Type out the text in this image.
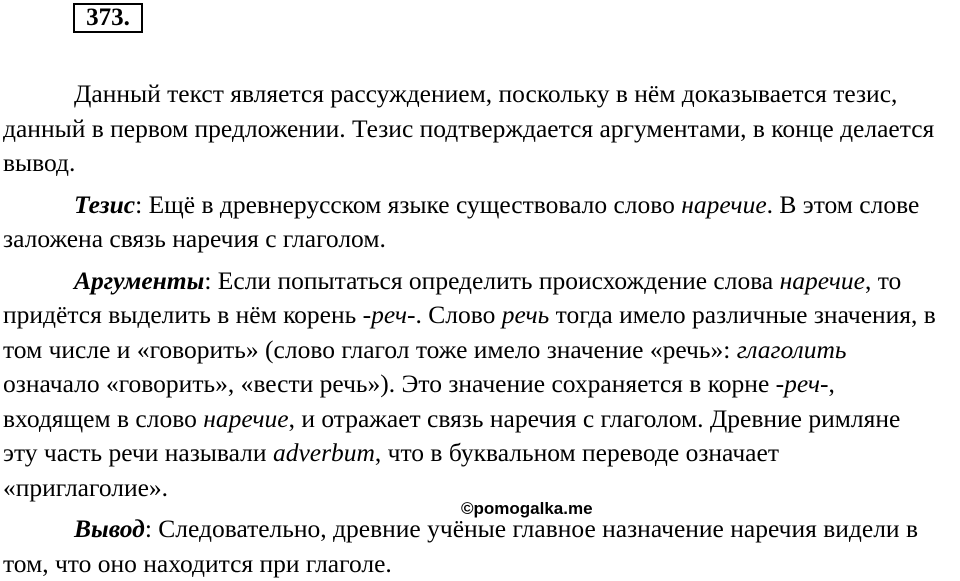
373.

Данный текст является рассуждением, поскольку в нём доказывается тезис, данный в первом предложении. Тезис подтверждается аргументами, в конце делается вывод.

Тезис: Ещё в древнерусском языке существовало слово наречие. В этом слове заложена связь наречия с глаголом.

Аргументы: Если попытаться определить происхождение слова наречие, то придётся выделить в нём корень -реч-. Слово речь тогда имело различные значения, в том числе и «говорить» (слово глагол тоже имело значение «речь»: глаголить означало «говорить», «вести речь»). Это значение сохраняется в корне -реч-, входящем в слово наречие, и отражает связь наречия с глаголом. Древние римляне эту часть речи называли adverbum, что в буквальном переводе означает «приглаголие».

Вывод: Следовательно, древние учёные главное назначение наречия видели в том, что оно находится при глаголе.

©pomogalka.me
